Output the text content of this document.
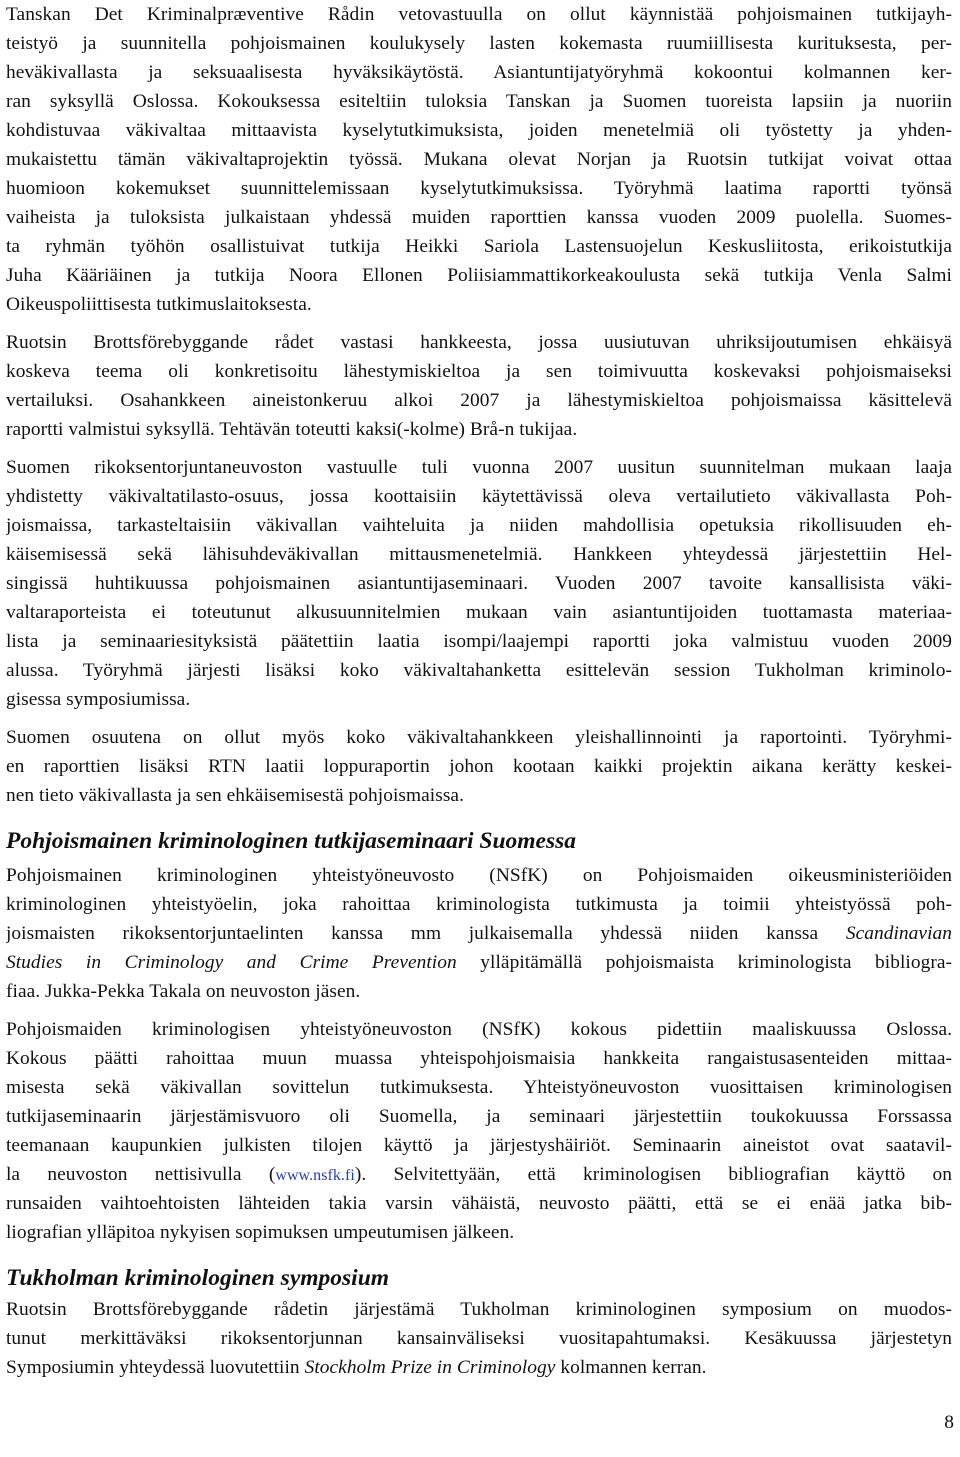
Tanskan Det Kriminalpræventive Rådin vetovastuulla on ollut käynnistää pohjoismainen tutkijayh-
teistyö ja suunnitella pohjoismainen koulukysely lasten kokemasta ruumiillisesta kurituksesta, per-
heväkivallasta ja seksuaalisesta hyväksikäytöstä. Asiantuntijatyöryhmä kokoontui kolmannen ker-
ran syksyllä Oslossa. Kokouksessa esiteltiin tuloksia Tanskan ja Suomen tuoreista lapsiin ja nuoriin
kohdistuvaa väkivaltaa mittaavista kyselytutkimuksista, joiden menetelmiä oli työstetty ja yhden-
mukaistettu tämän väkivaltaprojektin työssä. Mukana olevat Norjan ja Ruotsin tutkijat voivat ottaa
huomioon kokemukset suunnittelemissaan kyselytutkimuksissa. Työryhmä laatima raportti työnsä
vaiheista ja tuloksista julkaistaan yhdessä muiden raporttien kanssa vuoden 2009 puolella. Suomes-
ta ryhmän työhön osallistuivat tutkija Heikki Sariola Lastensuojelun Keskusliitosta, erikoistutkija
Juha Kääriäinen ja tutkija Noora Ellonen Poliisiammattikorkeakoulusta sekä tutkija Venla Salmi
Oikeuspoliittisesta tutkimuslaitoksesta.
Ruotsin Brottsförebyggande rådet vastasi hankkeesta, jossa uusiutuvan uhriksijoutumisen ehkäisyä
koskeva teema oli konkretisoitu lähestymiskieltoa ja sen toimivuutta koskevaksi pohjoismaiseksi
vertailuksi. Osahankkeen aineistonkeruu alkoi 2007 ja lähestymiskieltoa pohjoismaissa käsittelevä
raportti valmistui syksyllä. Tehtävän toteutti kaksi(-kolme) Brå-n tukijaa.
Suomen rikoksentorjuntaneuvoston vastuulle tuli vuonna 2007 uusitun suunnitelman mukaan laaja
yhdistetty väkivaltatilasto-osuus, jossa koottaisiin käytettävissä oleva vertailutieto väkivallasta Poh-
joismaissa, tarkasteltaisiin väkivallan vaihteluita ja niiden mahdollisia opetuksia rikollisuuden eh-
käisemisessä sekä lähisuhdeväkivallan mittausmenetelmiä. Hankkeen yhteydessä järjestettiin Hel-
singissä huhtikuussa pohjoismainen asiantuntijaseminaari. Vuoden 2007 tavoite kansallisista väki-
valtaraporteista ei toteutunut alkusuunnitelmien mukaan vain asiantuntijoiden tuottamasta materiaa-
lista ja seminaariesityksistä päätettiin laatia isompi/laajempi raportti joka valmistuu vuoden 2009
alussa. Työryhmä järjesti lisäksi koko väkivaltahanketta esittelevän session Tukholman kriminolo-
gisessa symposiumissa.
Suomen osuutena on ollut myös koko väkivaltahankkeen yleishallinnointi ja raportointi. Työryhmi-
en raporttien lisäksi RTN laatii loppuraportin johon kootaan kaikki projektin aikana kerätty keskei-
nen tieto väkivallasta ja sen ehkäisemisestä pohjoismaissa.
Pohjoismainen kriminologinen tutkijaseminaari Suomessa
Pohjoismainen kriminologinen yhteistyöneuvosto (NSfK) on Pohjoismaiden oikeusministeriöiden
kriminologinen yhteistyöelin, joka rahoittaa kriminologista tutkimusta ja toimii yhteistyössä poh-
joismaisten rikoksentorjuntaelinten kanssa mm julkaisemalla yhdessä niiden kanssa Scandinavian
Studies in Criminology and Crime Prevention ylläpitämällä pohjoismaista kriminologista bibliogra-
fiaa. Jukka-Pekka Takala on neuvoston jäsen.
Pohjoismaiden kriminologisen yhteistyöneuvoston (NSfK) kokous pidettiin maaliskuussa Oslossa.
Kokous päätti rahoittaa muun muassa yhteispohjoismaisia hankkeita rangaistusasenteiden mittaa-
misesta sekä väkivallan sovittelun tutkimuksesta. Yhteistyöneuvoston vuosittaisen kriminologisen
tutkijaseminaarin järjestämisvuoro oli Suomella, ja seminaari järjestettiin toukokuussa Forssassa
teemanaan kaupunkien julkisten tilojen käyttö ja järjestyshäiriöt. Seminaarin aineistot ovat saatavil-
la neuvoston nettisivulla (www.nsfk.fi). Selvitettyään, että kriminologisen bibliografian käyttö on
runsaiden vaihtoehtoisten lähteiden takia varsin vähäistä, neuvosto päätti, että se ei enää jatka bib-
liografian ylläpitoa nykyisen sopimuksen umpeutumisen jälkeen.
Tukholman kriminologinen symposium
Ruotsin Brottsförebyggande rådetin järjestämä Tukholman kriminologinen symposium on muodos-
tunut merkittäväksi rikoksentorjunnan kansainväliseksi vuositapahtumaksi. Kesäkuussa järjestetyn
Symposiumin yhteydessä luovutettiin Stockholm Prize in Criminology kolmannen kerran.
8
